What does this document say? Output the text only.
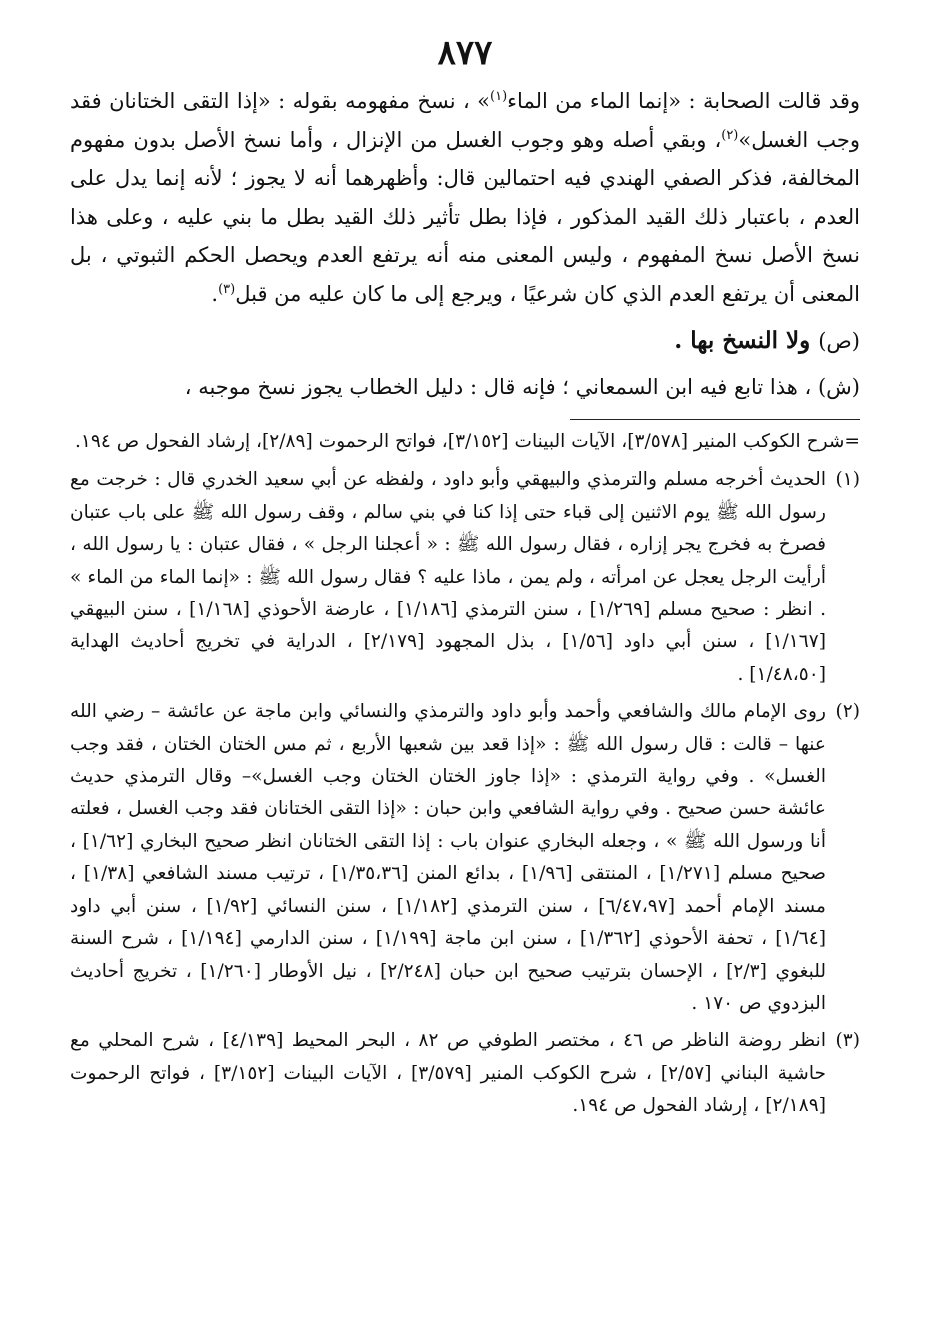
٨٧٧

وقد قالت الصحابة : «إنما الماء من الماء$^{(١)}$» ، نسخ مفهومه بقوله : «إذا التقى الختانان فقد وجب الغسل»$^{(٢)}$، وبقي أصله وهو وجوب الغسل من الإنزال ، وأما نسخ الأصل بدون مفهوم المخالفة، فذكر الصفي الهندي فيه احتمالين قال: وأظهرهما أنه لا يجوز ؛ لأنه إنما يدل على العدم ، باعتبار ذلك القيد المذكور ، فإذا بطل تأثير ذلك القيد بطل ما بني عليه ، وعلى هذا نسخ الأصل نسخ المفهوم ، وليس المعنى منه أنه يرتفع العدم ويحصل الحكم الثبوتي ، بل المعنى أن يرتفع العدم الذي كان شرعيًا ، ويرجع إلى ما كان عليه من قبل$^{(٣)}$.

(ص) ولا النسخ بها .

(ش) ، هذا تابع فيه ابن السمعاني ؛ فإنه قال : دليل الخطاب يجوز نسخ موجبه ،

=شرح الكوكب المنير [٣/٥٧٨]، الآيات البينات [٣/١٥٢]، فواتح الرحموت [٢/٨٩]، إرشاد الفحول ص ١٩٤.

(١)
الحديث أخرجه مسلم والترمذي والبيهقي وأبو داود ، ولفظه عن أبي سعيد الخدري قال : خرجت مع رسول الله ﷺ يوم الاثنين إلى قباء حتى إذا كنا في بني سالم ، وقف رسول الله ﷺ على باب عتبان فصرخ به فخرج يجر إزاره ، فقال رسول الله ﷺ : « أعجلنا الرجل » ، فقال عتبان : يا رسول الله ، أرأيت الرجل يعجل عن امرأته ، ولم يمن ، ماذا عليه ؟ فقال رسول الله ﷺ : «إنما الماء من الماء » . انظر : صحيح مسلم [١/٢٦٩] ، سنن الترمذي [١/١٨٦] ، عارضة الأحوذي [١/١٦٨] ، سنن البيهقي [١/١٦٧] ، سنن أبي داود [١/٥٦] ، بذل المجهود [٢/١٧٩] ، الدراية في تخريج أحاديث الهداية [١/٤٨،٥٠] .
(٢)
روى الإمام مالك والشافعي وأحمد وأبو داود والترمذي والنسائي وابن ماجة عن عائشة – رضي الله عنها – قالت : قال رسول الله ﷺ : «إذا قعد بين شعبها الأربع ، ثم مس الختان الختان ، فقد وجب الغسل» . وفي رواية الترمذي : «إذا جاوز الختان الختان وجب الغسل»– وقال الترمذي حديث عائشة حسن صحيح . وفي رواية الشافعي وابن حبان : «إذا التقى الختانان فقد وجب الغسل ، فعلته أنا ورسول الله ﷺ » ، وجعله البخاري عنوان باب : إذا التقى الختانان انظر صحيح البخاري [١/٦٢] ، صحيح مسلم [١/٢٧١] ، المنتقى [١/٩٦] ، بدائع المنن [١/٣٥،٣٦] ، ترتيب مسند الشافعي [١/٣٨] ، مسند الإمام أحمد [٦/٤٧،٩٧] ، سنن الترمذي [١/١٨٢] ، سنن النسائي [١/٩٢] ، سنن أبي داود [١/٦٤] ، تحفة الأحوذي [١/٣٦٢] ، سنن ابن ماجة [١/١٩٩] ، سنن الدارمي [١/١٩٤] ، شرح السنة للبغوي [٢/٣] ، الإحسان بترتيب صحيح ابن حبان [٢/٢٤٨] ، نيل الأوطار [١/٢٦٠] ، تخريج أحاديث البزدوي ص ١٧٠ .
(٣)
انظر روضة الناظر ص ٤٦ ، مختصر الطوفي ص ٨٢ ، البحر المحيط [٤/١٣٩] ، شرح المحلي مع حاشية البناني [٢/٥٧] ، شرح الكوكب المنير [٣/٥٧٩] ، الآيات البينات [٣/١٥٢] ، فواتح الرحموت [٢/١٨٩] ، إرشاد الفحول ص ١٩٤.
